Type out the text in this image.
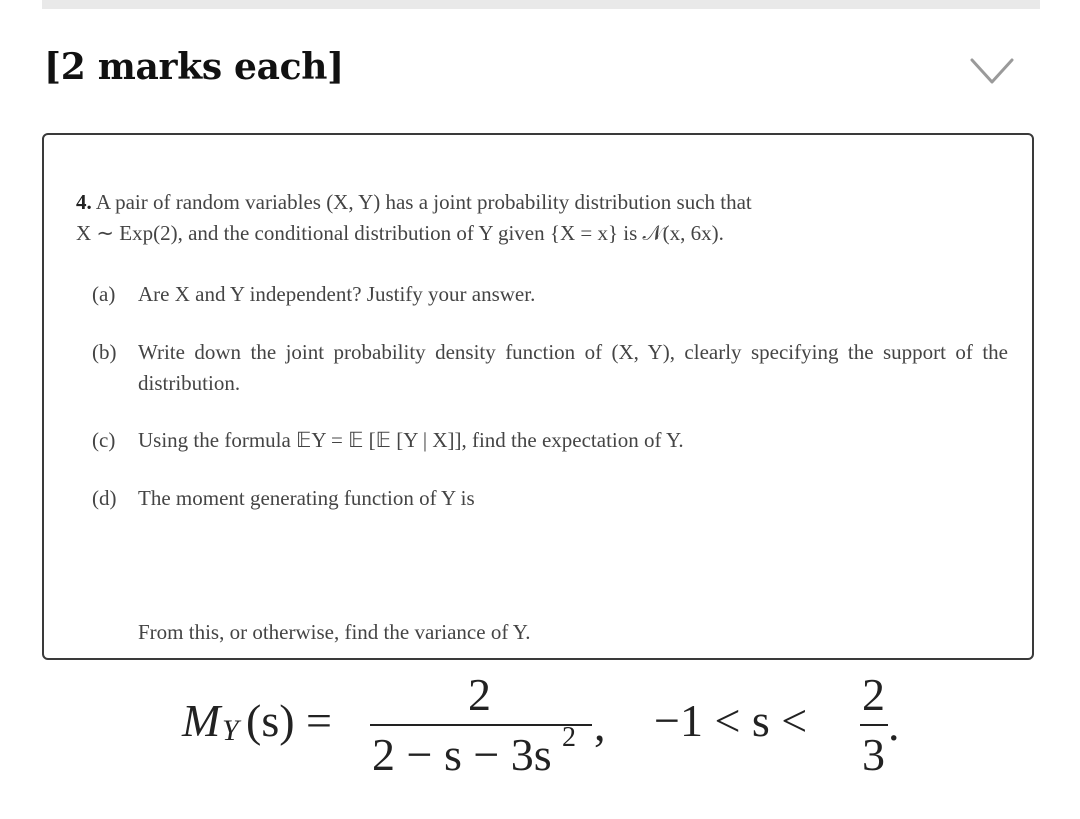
[2 marks each]
4. A pair of random variables (X, Y) has a joint probability distribution such that
X ∼ Exp(2), and the conditional distribution of Y given {X = x} is 𝒩(x, 6x).
(a) Are X and Y independent? Justify your answer.
(b) Write down the joint probability density function of (X, Y), clearly specifying the support of the distribution.
(c) Using the formula 𝔼Y = 𝔼 [𝔼 [Y | X]], find the expectation of Y.
(d) The moment generating function of Y is
From this, or otherwise, find the variance of Y.
M Y (s) =
2
2 − s − 3s 2 , −1 < s <
2
3
.
